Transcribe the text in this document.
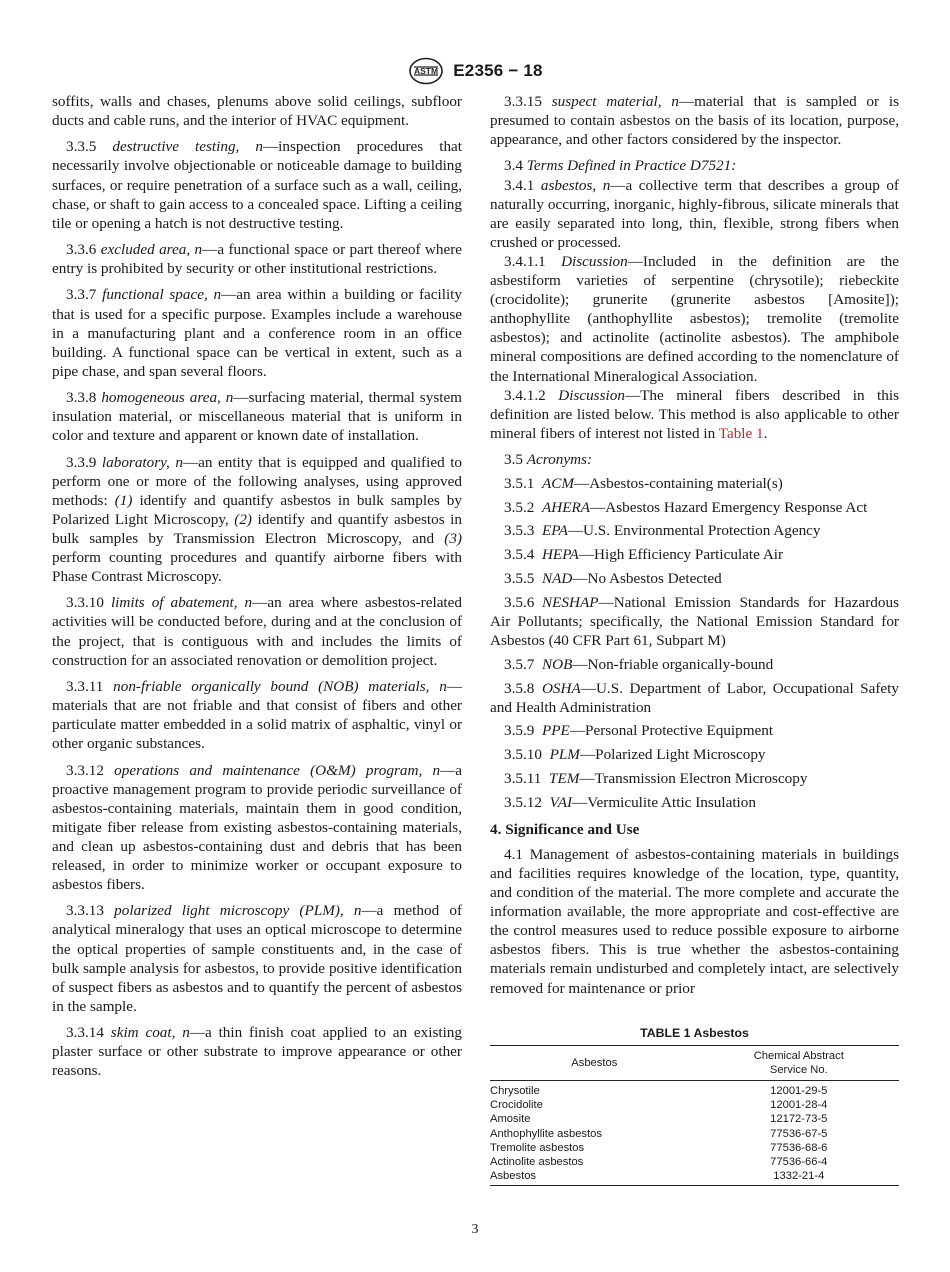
ASTM E2356 − 18

soffits, walls and chases, plenums above solid ceilings, subfloor ducts and cable runs, and the interior of HVAC equipment.

3.3.5 destructive testing, n—inspection procedures that necessarily involve objectionable or noticeable damage to building surfaces, or require penetration of a surface such as a wall, ceiling, chase, or shaft to gain access to a concealed space. Lifting a ceiling tile or opening a hatch is not destructive testing.

3.3.6 excluded area, n—a functional space or part thereof where entry is prohibited by security or other institutional restrictions.

3.3.7 functional space, n—an area within a building or facility that is used for a specific purpose. Examples include a warehouse in a manufacturing plant and a conference room in an office building. A functional space can be vertical in extent, such as a pipe chase, and span several floors.

3.3.8 homogeneous area, n—surfacing material, thermal system insulation material, or miscellaneous material that is uniform in color and texture and apparent or known date of installation.

3.3.9 laboratory, n—an entity that is equipped and qualified to perform one or more of the following analyses, using approved methods: (1) identify and quantify asbestos in bulk samples by Polarized Light Microscopy, (2) identify and quantify asbestos in bulk samples by Transmission Electron Microscopy, and (3) perform counting procedures and quantify airborne fibers with Phase Contrast Microscopy.

3.3.10 limits of abatement, n—an area where asbestos-related activities will be conducted before, during and at the conclusion of the project, that is contiguous with and includes the limits of construction for an associated renovation or demolition project.

3.3.11 non-friable organically bound (NOB) materials, n—materials that are not friable and that consist of fibers and other particulate matter embedded in a solid matrix of asphaltic, vinyl or other organic substances.

3.3.12 operations and maintenance (O&M) program, n—a proactive management program to provide periodic surveillance of asbestos-containing materials, maintain them in good condition, mitigate fiber release from existing asbestos-containing materials, and clean up asbestos-containing dust and debris that has been released, in order to minimize worker or occupant exposure to asbestos fibers.

3.3.13 polarized light microscopy (PLM), n—a method of analytical mineralogy that uses an optical microscope to determine the optical properties of sample constituents and, in the case of bulk sample analysis for asbestos, to provide positive identification of suspect fibers as asbestos and to quantify the percent of asbestos in the sample.

3.3.14 skim coat, n—a thin finish coat applied to an existing plaster surface or other substrate to improve appearance or other reasons.

3.3.15 suspect material, n—material that is sampled or is presumed to contain asbestos on the basis of its location, purpose, appearance, and other factors considered by the inspector.

3.4 Terms Defined in Practice D7521:

3.4.1 asbestos, n—a collective term that describes a group of naturally occurring, inorganic, highly-fibrous, silicate minerals that are easily separated into long, thin, flexible, strong fibers when crushed or processed.

3.4.1.1 Discussion—Included in the definition are the asbestiform varieties of serpentine (chrysotile); riebeckite (crocidolite); grunerite (grunerite asbestos [Amosite]); anthophyllite (anthophyllite asbestos); tremolite (tremolite asbestos); and actinolite (actinolite asbestos). The amphibole mineral compositions are defined according to the nomenclature of the International Mineralogical Association.

3.4.1.2 Discussion—The mineral fibers described in this definition are listed below. This method is also applicable to other mineral fibers of interest not listed in Table 1.

3.5 Acronyms:

3.5.1  ACM—Asbestos-containing material(s)

3.5.2  AHERA—Asbestos Hazard Emergency Response Act

3.5.3  EPA—U.S. Environmental Protection Agency

3.5.4  HEPA—High Efficiency Particulate Air

3.5.5  NAD—No Asbestos Detected

3.5.6  NESHAP—National Emission Standards for Hazardous Air Pollutants; specifically, the National Emission Standard for Asbestos (40 CFR Part 61, Subpart M)

3.5.7  NOB—Non-friable organically-bound

3.5.8  OSHA—U.S. Department of Labor, Occupational Safety and Health Administration

3.5.9  PPE—Personal Protective Equipment

3.5.10  PLM—Polarized Light Microscopy

3.5.11  TEM—Transmission Electron Microscopy

3.5.12  VAI—Vermiculite Attic Insulation

4. Significance and Use

4.1 Management of asbestos-containing materials in buildings and facilities requires knowledge of the location, type, quantity, and condition of the material. The more complete and accurate the information available, the more appropriate and cost-effective are the control measures used to reduce possible exposure to airborne asbestos fibers. This is true whether the asbestos-containing materials remain undisturbed and completely intact, are selectively removed for maintenance or prior

TABLE 1 Asbestos
Asbestos	Chemical Abstract
Service No.
Chrysotile	12001-29-5
Crocidolite	12001-28-4
Amosite	12172-73-5
Anthophyllite asbestos	77536-67-5
Tremolite asbestos	77536-68-6
Actinolite asbestos	77536-66-4
Asbestos	1332-21-4
3
